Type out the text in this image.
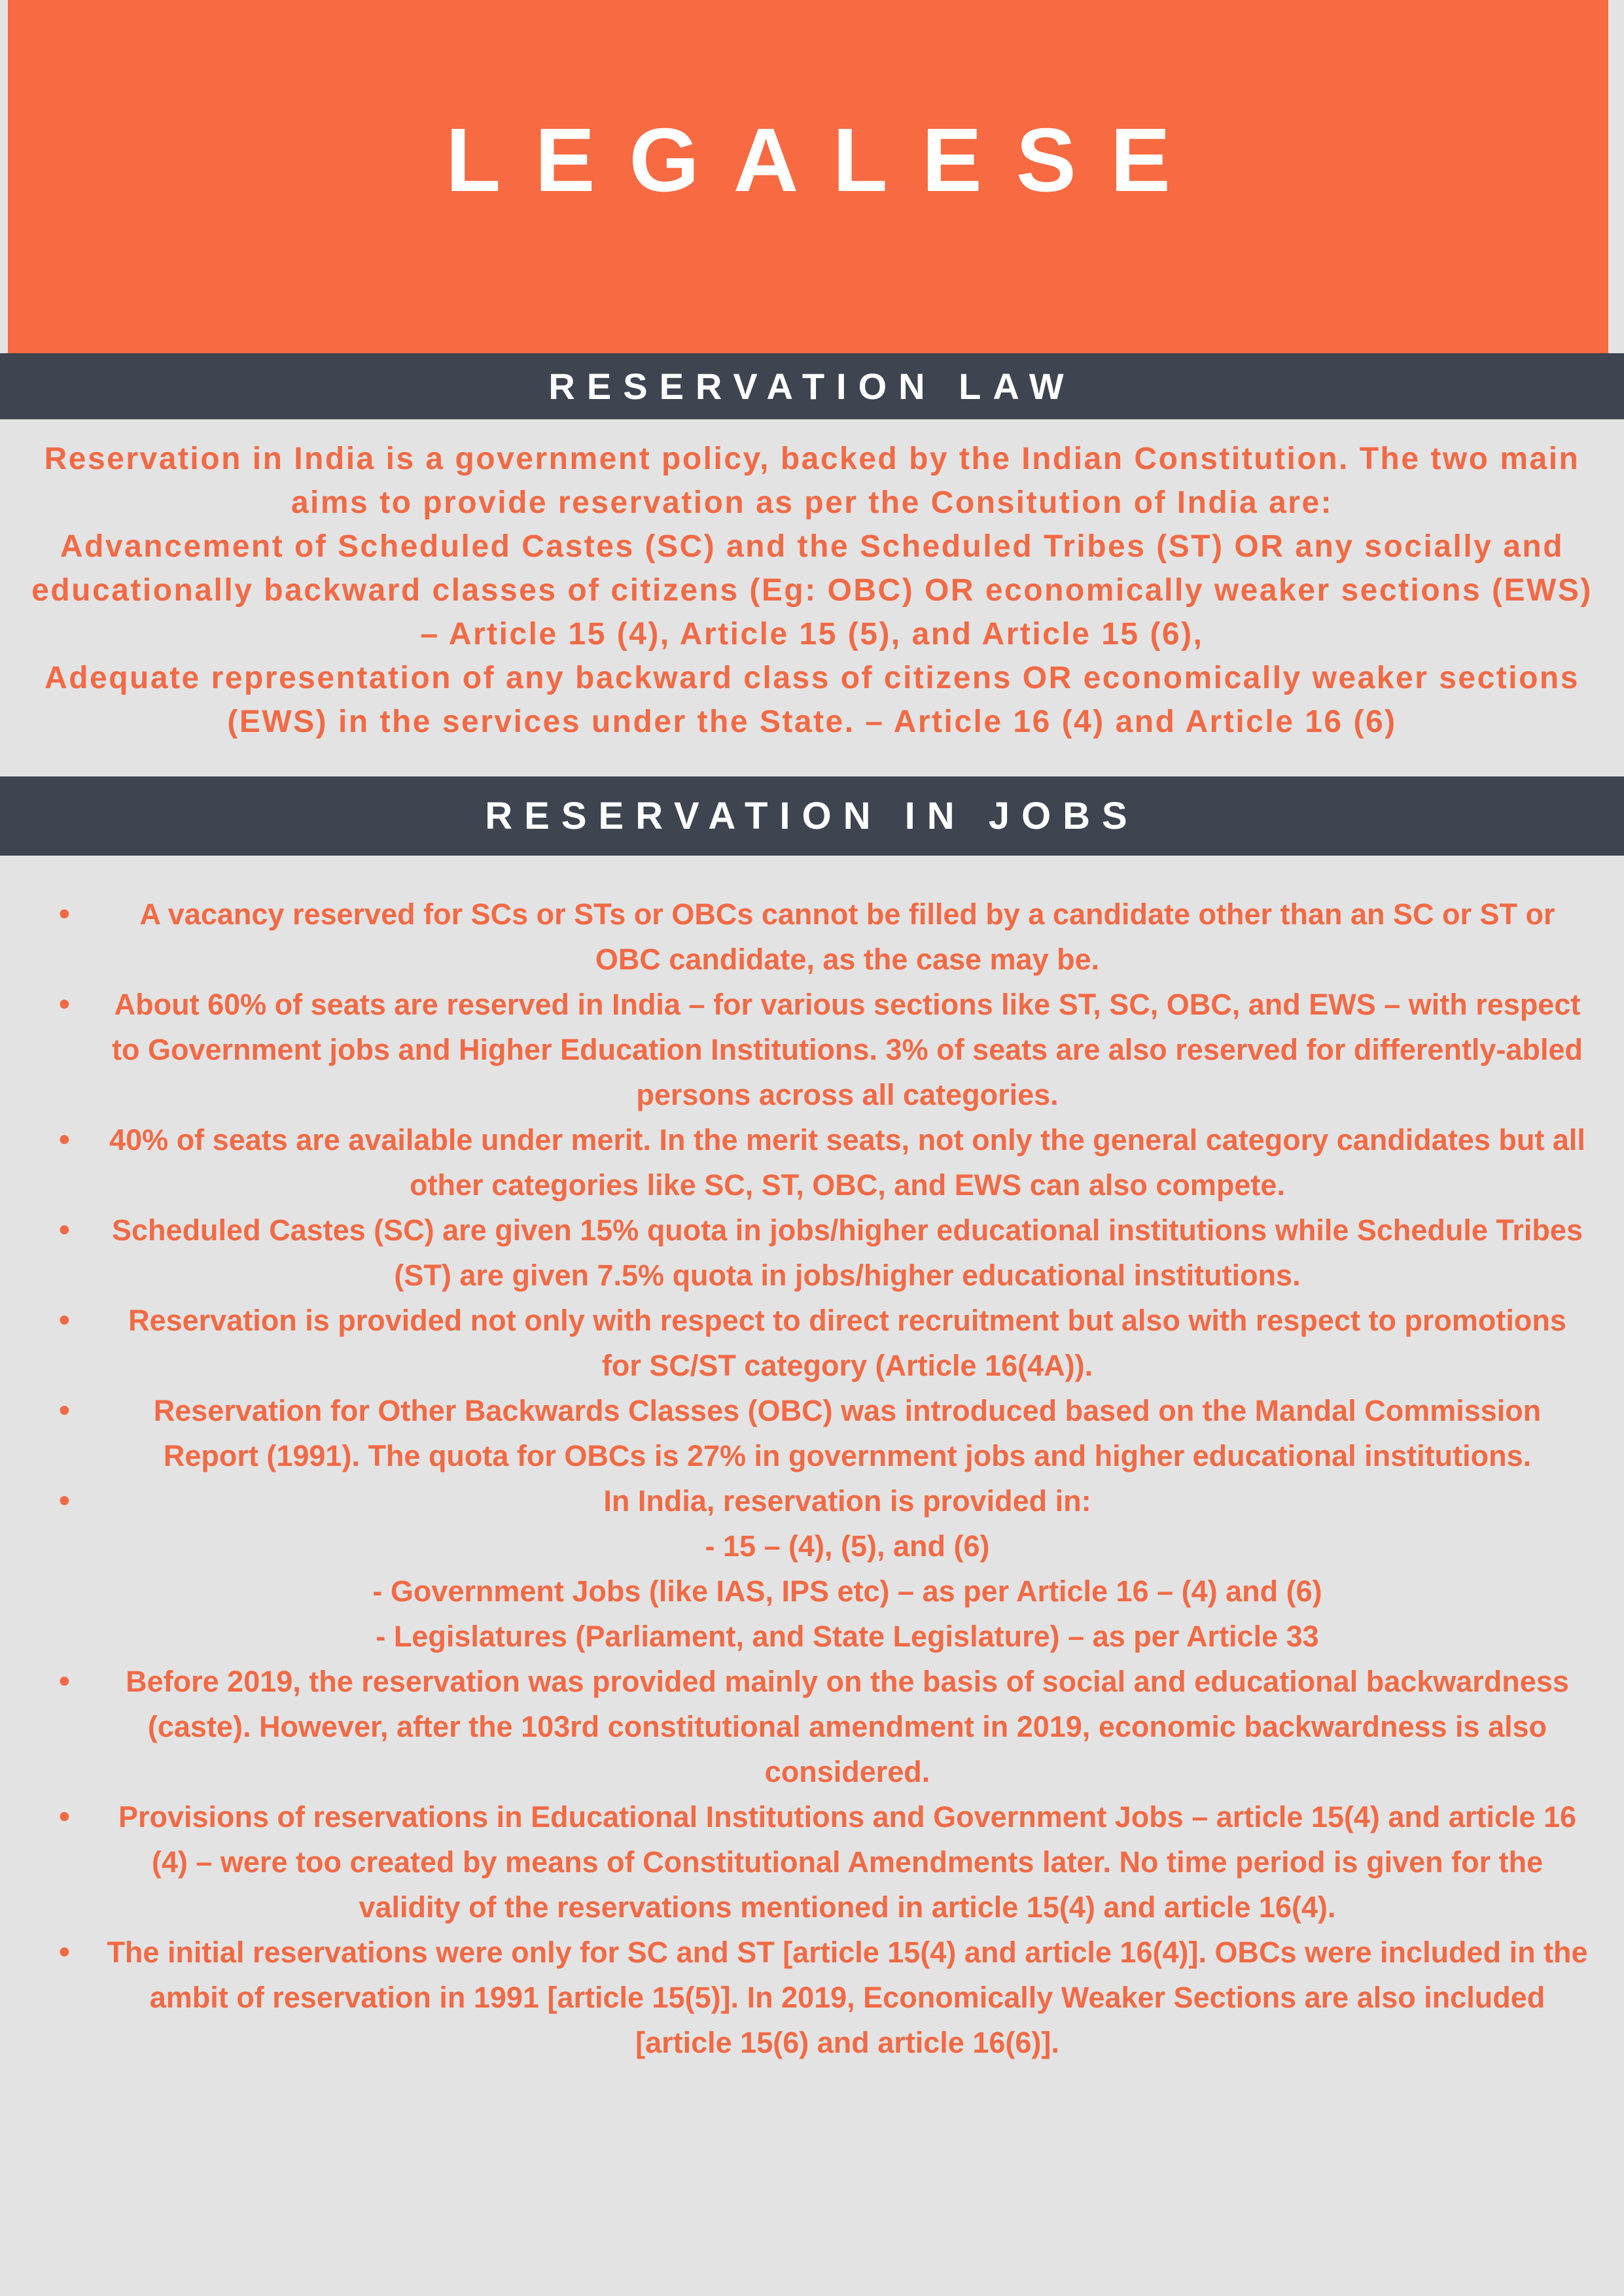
LEGALESE
RESERVATION LAW

Reservation in India is a government policy, backed by the Indian Constitution. The two main aims to provide reservation as per the Consitution of India are:

Advancement of Scheduled Castes (SC) and the Scheduled Tribes (ST) OR any socially and educationally backward classes of citizens (Eg: OBC) OR economically weaker sections (EWS) – Article 15 (4), Article 15 (5), and Article 15 (6),

Adequate representation of any backward class of citizens OR economically weaker sections (EWS) in the services under the State. – Article 16 (4) and Article 16 (6)

RESERVATION IN JOBS
•	A vacancy reserved for SCs or STs or OBCs cannot be filled by a candidate other than an SC or ST or OBC candidate, as the case may be.
•	About 60% of seats are reserved in India – for various sections like ST, SC, OBC, and EWS – with respect to Government jobs and Higher Education Institutions. 3% of seats are also reserved for differently-abled persons across all categories.
• 40% of seats are available under merit. In the merit seats, not only the general category candidates but all other categories like SC, ST, OBC, and EWS can also compete.
• Scheduled Castes (SC) are given 15% quota in jobs/higher educational institutions while Schedule Tribes (ST) are given 7.5% quota in jobs/higher educational institutions.
•	Reservation is provided not only with respect to direct recruitment but also with respect to promotions for SC/ST category (Article 16(4A)).
•	Reservation for Other Backwards Classes (OBC) was introduced based on the Mandal Commission Report (1991). The quota for OBCs is 27% in government jobs and higher educational institutions.
•	In India, reservation is provided in:
- 15 – (4), (5), and (6)
- Government Jobs (like IAS, IPS etc) – as per Article 16 – (4) and (6)
- Legislatures (Parliament, and State Legislature) – as per Article 33
•	Before 2019, the reservation was provided mainly on the basis of social and educational backwardness (caste). However, after the 103rd constitutional amendment in 2019, economic backwardness is also considered.
•	Provisions of reservations in Educational Institutions and Government Jobs – article 15(4) and article 16 (4) – were too created by means of Constitutional Amendments later. No time period is given for the validity of the reservations mentioned in article 15(4) and article 16(4).
• The initial reservations were only for SC and ST [article 15(4) and article 16(4)]. OBCs were included in the ambit of reservation in 1991 [article 15(5)]. In 2019, Economically Weaker Sections are also included [article 15(6) and article 16(6)].
